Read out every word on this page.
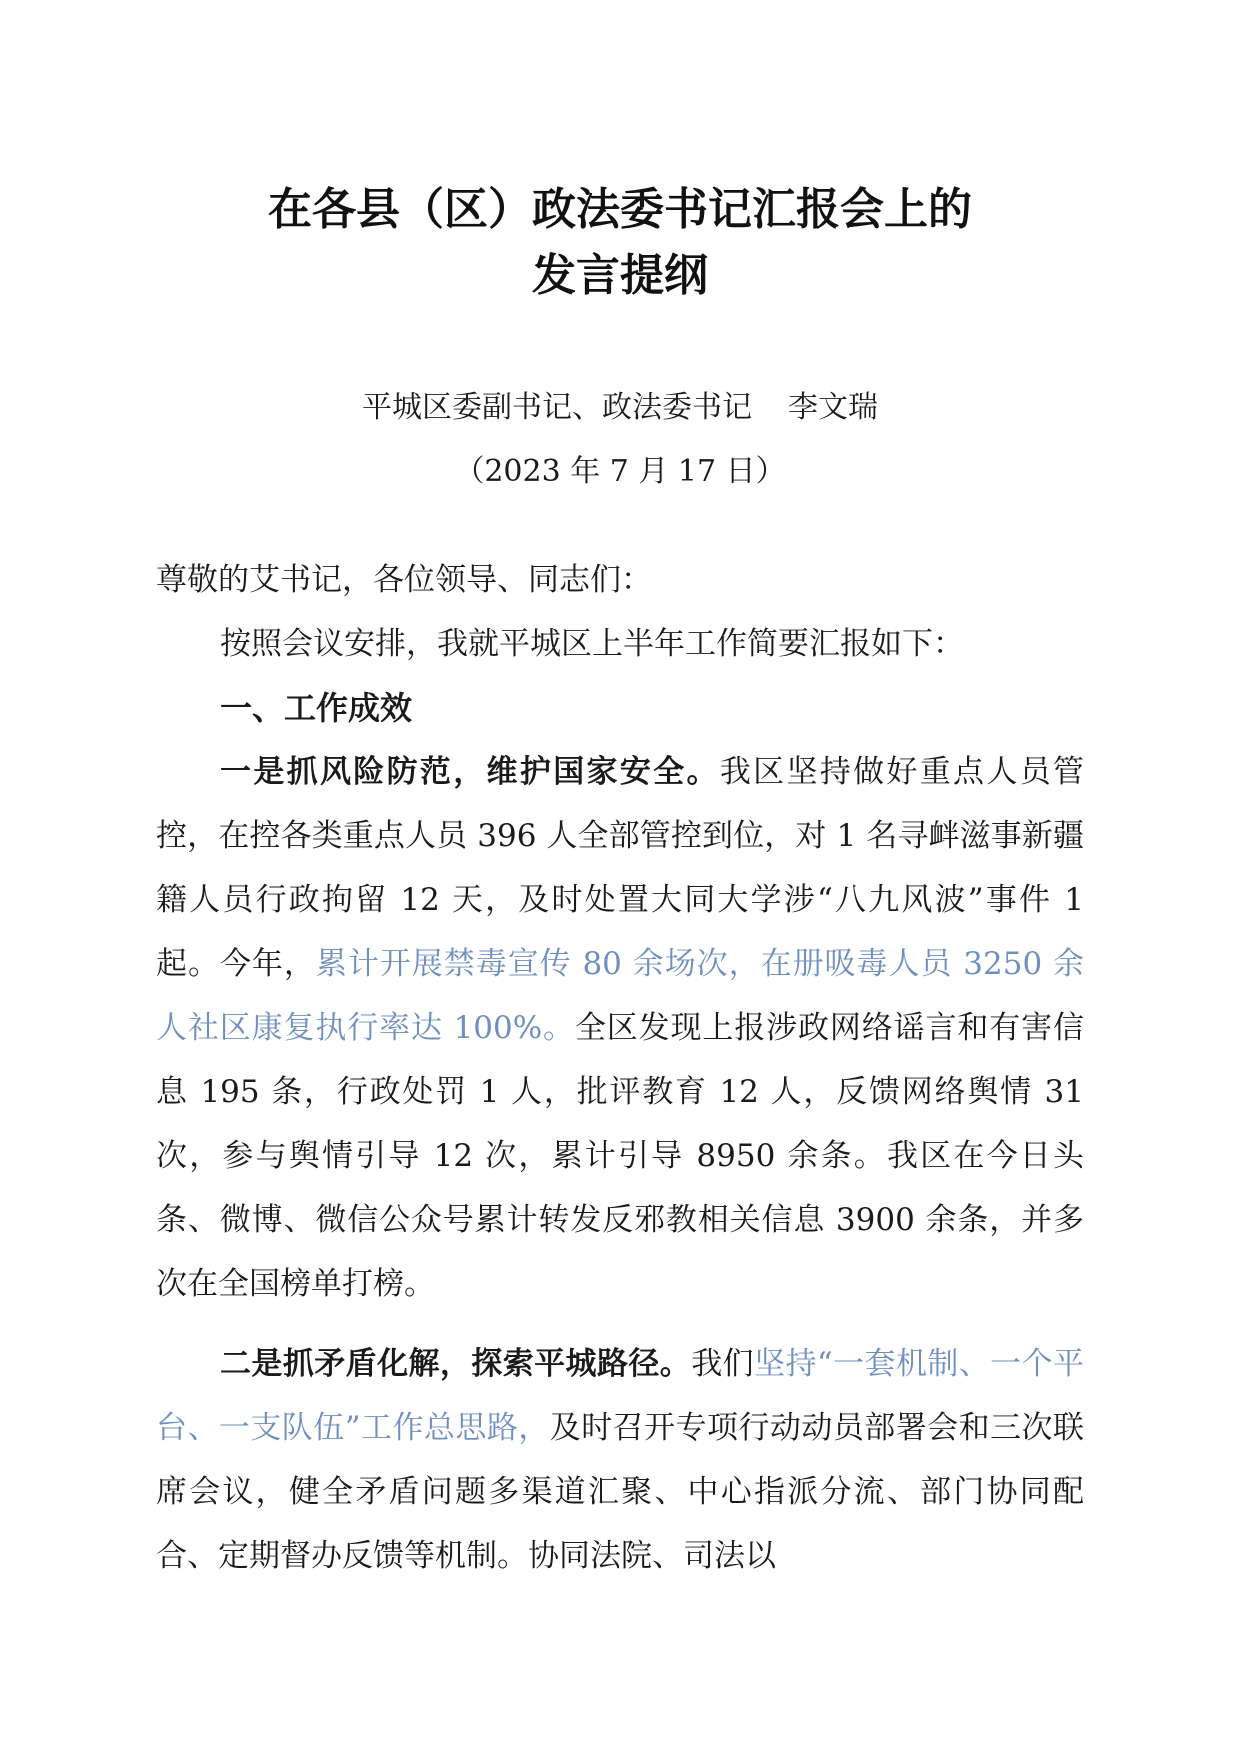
在各县（区）政法委书记汇报会上的
发言提纲
平城区委副书记、政法委书记 李文瑞
（2023 年 7 月 17 日）

尊敬的艾书记，各位领导、同志们：

按照会议安排，我就平城区上半年工作简要汇报如下：

一、工作成效

一是抓风险防范，维护国家安全。我区坚持做好重点人员管控，在控各类重点人员 396 人全部管控到位，对 1 名寻衅滋事新疆籍人员行政拘留 12 天，及时处置大同大学涉“八九风波”事件 1 起。今年，累计开展禁毒宣传 80 余场次，在册吸毒人员 3250 余人社区康复执行率达 100%。全区发现上报涉政网络谣言和有害信息 195 条，行政处罚 1 人，批评教育 12 人，反馈网络舆情 31 次，参与舆情引导 12 次，累计引导 8950 余条。我区在今日头条、微博、微信公众号累计转发反邪教相关信息 3900 余条，并多次在全国榜单打榜。

二是抓矛盾化解，探索平城路径。我们坚持“一套机制、一个平台、一支队伍”工作总思路，及时召开专项行动动员部署会和三次联席会议，健全矛盾问题多渠道汇聚、中心指派分流、部门协同配合、定期督办反馈等机制。协同法院、司法以
